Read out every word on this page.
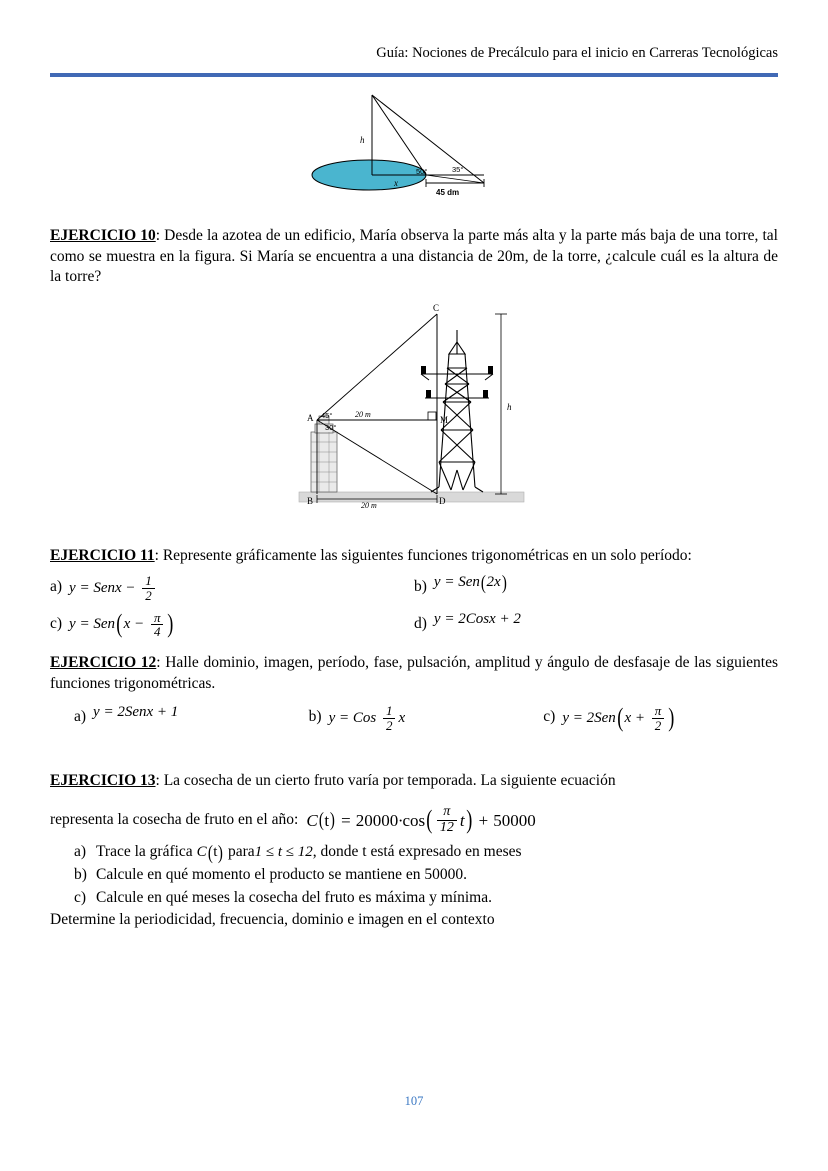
Guía: Nociones de Precálculo para el inicio en Carreras Tecnológicas
h
x
50°	35°
45 dm
EJERCICIO 10: Desde la azotea de un edificio, María observa la parte más alta y la parte más baja de una torre, tal como se muestra en la figura. Si María se encuentra a una distancia de 20m, de la torre, ¿calcule cuál es la altura de la torre?
A
B
C
D
M
45°
30°
20 m
20 m
h
EJERCICIO 11: Represente gráficamente las siguientes funciones trigonométricas en un solo período:
a) y = Senx − $\frac{1}{2}$	b) y = Sen ( 2x )
c) y = Sen ( $x - \frac{\pi}{4}$ )	d) y = 2Cosx + 2
EJERCICIO 12: Halle dominio, imagen, período, fase, pulsación, amplitud y ángulo de desfasaje de las siguientes funciones trigonométricas.
a) y = 2Senx + 1	b) y = Cos $\frac{1}{2}$ x	c) y = 2Sen ( $x + \frac{\pi}{2}$ )
EJERCICIO 13: La cosecha de un cierto fruto varía por temporada. La siguiente ecuación
representa la cosecha de fruto en el año: C ( t ) = 20000 · cos ( $\frac{\pi}{12}$ t ) + 50000
a) Trace la gráfica C ( t ) para1 ≤ t ≤ 12, donde t está expresado en meses
b) Calcule en qué momento el producto se mantiene en 50000.
c) Calcule en qué meses la cosecha del fruto es máxima y mínima.
Determine la periodicidad, frecuencia, dominio e imagen en el contexto
107
